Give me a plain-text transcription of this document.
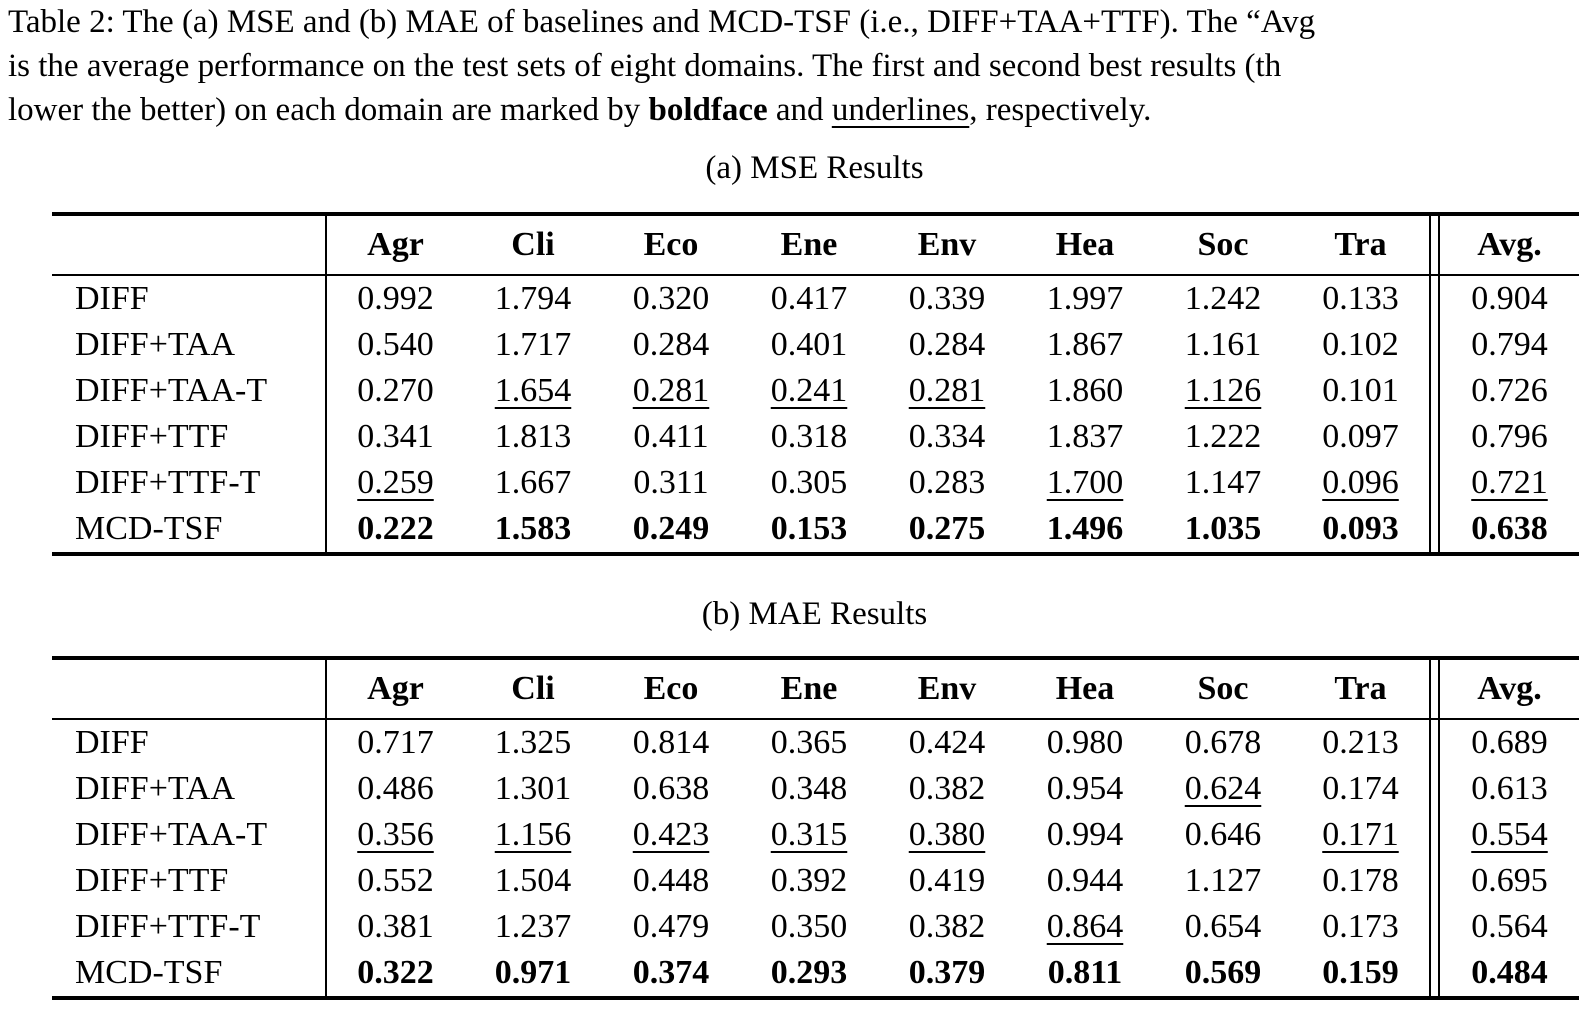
Table 2: The (a) MSE and (b) MAE of baselines and MCD-TSF (i.e., DIFF+TAA+TTF). The “Avg
is the average performance on the test sets of eight domains. The first and second best results (th
lower the better) on each domain are marked by boldface and underlines, respectively.
(a) MSE Results
	Agr	Cli	Eco	Ene	Env	Hea	Soc	Tra		Avg.
DIFF	0.992	1.794	0.320	0.417	0.339	1.997	1.242	0.133		0.904
DIFF+TAA	0.540	1.717	0.284	0.401	0.284	1.867	1.161	0.102		0.794
DIFF+TAA-T	0.270	1.654	0.281	0.241	0.281	1.860	1.126	0.101		0.726
DIFF+TTF	0.341	1.813	0.411	0.318	0.334	1.837	1.222	0.097		0.796
DIFF+TTF-T	0.259	1.667	0.311	0.305	0.283	1.700	1.147	0.096		0.721
MCD-TSF	0.222	1.583	0.249	0.153	0.275	1.496	1.035	0.093		0.638
(b) MAE Results
	Agr	Cli	Eco	Ene	Env	Hea	Soc	Tra		Avg.
DIFF	0.717	1.325	0.814	0.365	0.424	0.980	0.678	0.213		0.689
DIFF+TAA	0.486	1.301	0.638	0.348	0.382	0.954	0.624	0.174		0.613
DIFF+TAA-T	0.356	1.156	0.423	0.315	0.380	0.994	0.646	0.171		0.554
DIFF+TTF	0.552	1.504	0.448	0.392	0.419	0.944	1.127	0.178		0.695
DIFF+TTF-T	0.381	1.237	0.479	0.350	0.382	0.864	0.654	0.173		0.564
MCD-TSF	0.322	0.971	0.374	0.293	0.379	0.811	0.569	0.159		0.484
